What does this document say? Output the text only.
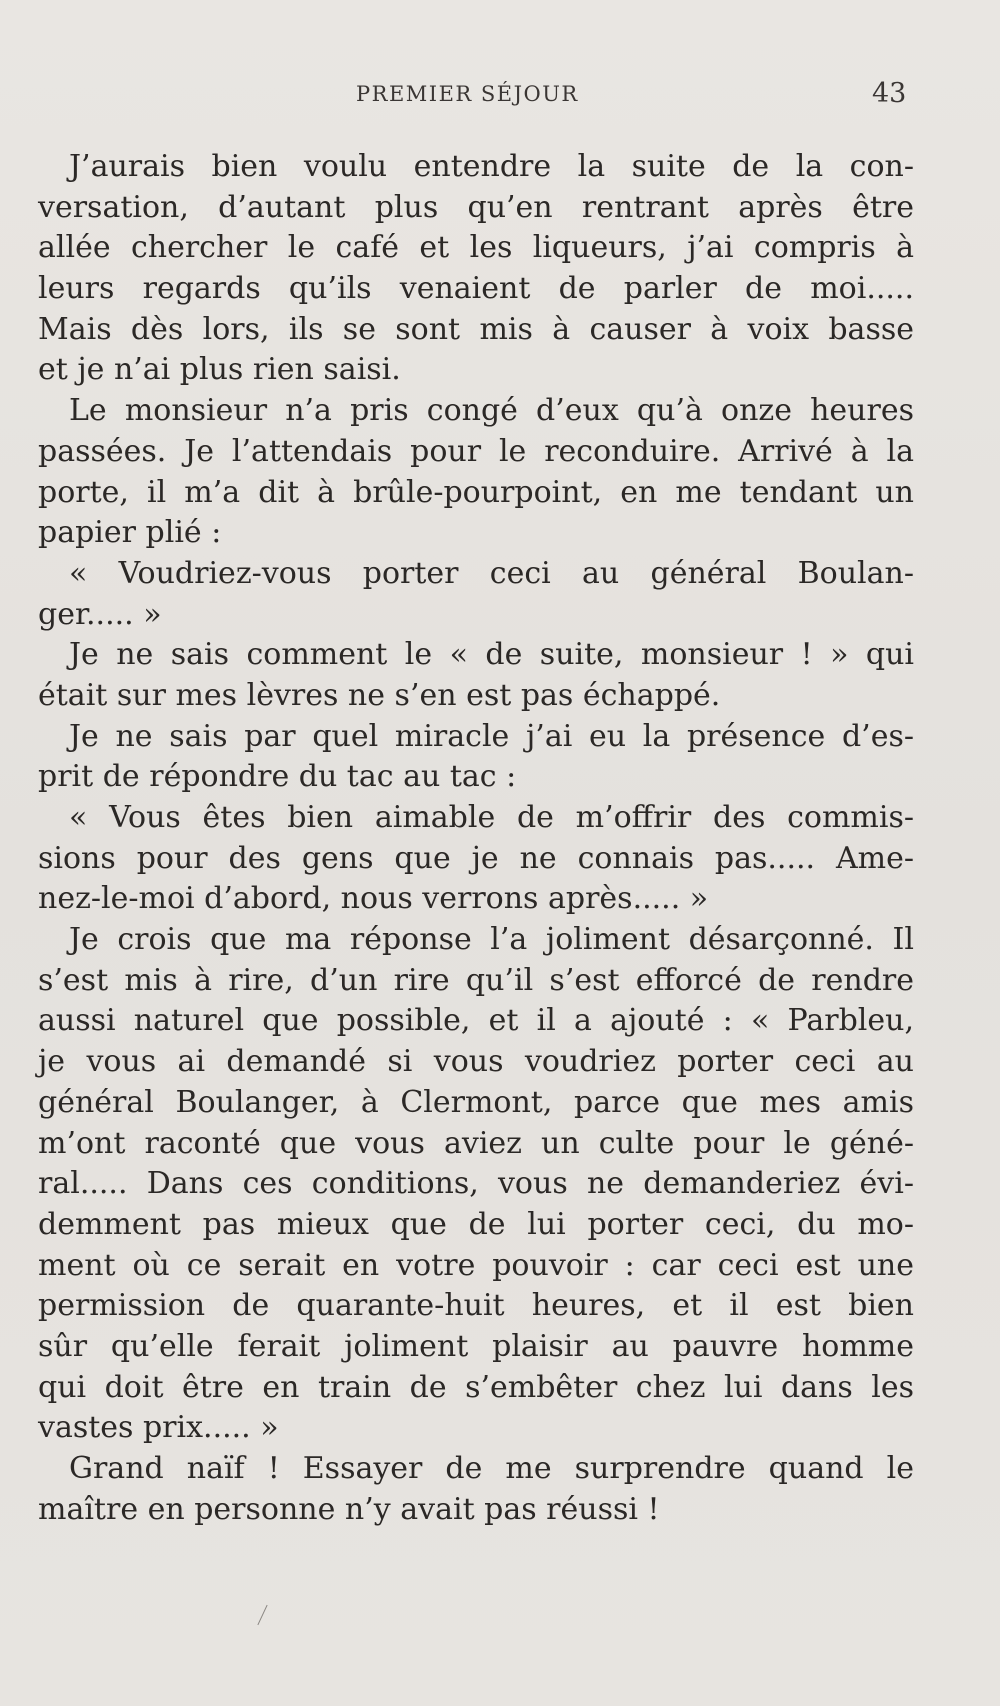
PREMIER SÉJOUR	43
J’aurais bien voulu entendre la suite de la con-
versation, d’autant plus qu’en rentrant après être
allée chercher le café et les liqueurs, j’ai compris à
leurs regards qu’ils venaient de parler de moi.....
Mais dès lors, ils se sont mis à causer à voix basse
et je n’ai plus rien saisi.
Le monsieur n’a pris congé d’eux qu’à onze heures
passées. Je l’attendais pour le reconduire. Arrivé à la
porte, il m’a dit à brûle-pourpoint, en me tendant un
papier plié :
« Voudriez-vous porter ceci au général Boulan-
ger..... »
Je ne sais comment le « de suite, monsieur ! » qui
était sur mes lèvres ne s’en est pas échappé.
Je ne sais par quel miracle j’ai eu la présence d’es-
prit de répondre du tac au tac :
« Vous êtes bien aimable de m’offrir des commis-
sions pour des gens que je ne connais pas..... Ame-
nez-le-moi d’abord, nous verrons après..... »
Je crois que ma réponse l’a joliment désarçonné. Il
s’est mis à rire, d’un rire qu’il s’est efforcé de rendre
aussi naturel que possible, et il a ajouté : « Parbleu,
je vous ai demandé si vous voudriez porter ceci au
général Boulanger, à Clermont, parce que mes amis
m’ont raconté que vous aviez un culte pour le géné-
ral..... Dans ces conditions, vous ne demanderiez évi-
demment pas mieux que de lui porter ceci, du mo-
ment où ce serait en votre pouvoir : car ceci est une
permission de quarante-huit heures, et il est bien
sûr qu’elle ferait joliment plaisir au pauvre homme
qui doit être en train de s’embêter chez lui dans les
vastes prix..... »
Grand naïf ! Essayer de me surprendre quand le
maître en personne n’y avait pas réussi !
